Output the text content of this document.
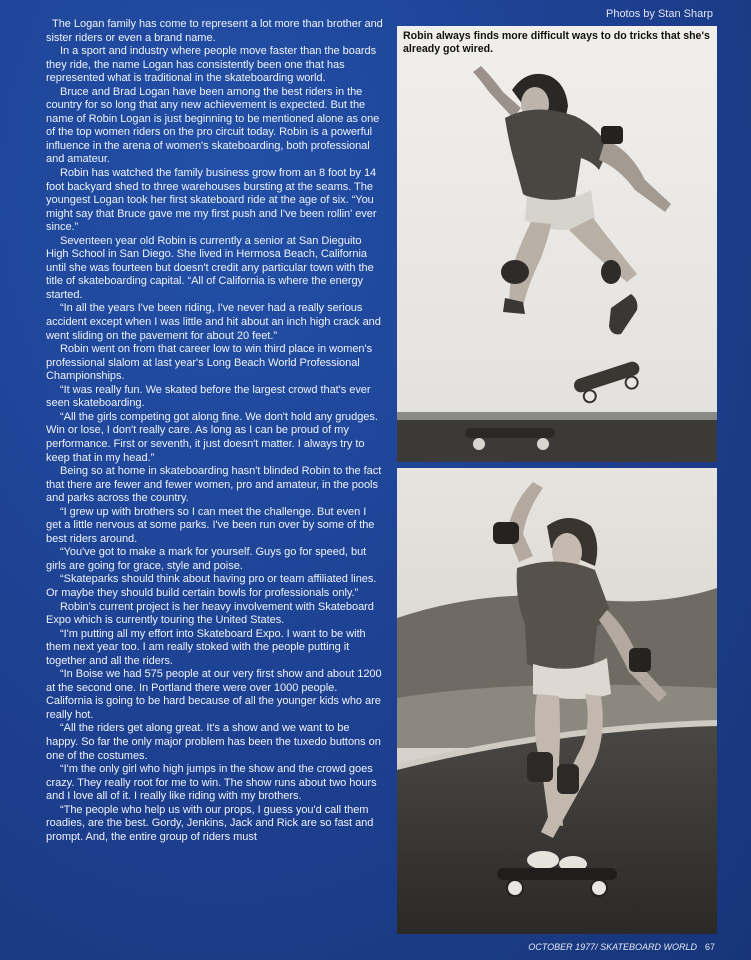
Photos by Stan Sharp

The Logan family has come to represent a lot more than brother and sister riders or even a brand name.

In a sport and industry where people move faster than the boards they ride, the name Logan has consistently been one that has represented what is traditional in the skateboarding world.

Bruce and Brad Logan have been among the best riders in the country for so long that any new achievement is expected. But the name of Robin Logan is just beginning to be mentioned alone as one of the top women riders on the pro circuit today. Robin is a powerful influence in the arena of women's skateboarding, both professional and amateur.

Robin has watched the family business grow from an 8 foot by 14 foot backyard shed to three warehouses bursting at the seams. The youngest Logan took her first skateboard ride at the age of six. “You might say that Bruce gave me my first push and I've been rollin' ever since.”

Seventeen year old Robin is currently a senior at San Dieguito High School in San Diego. She lived in Hermosa Beach, California until she was fourteen but doesn't credit any particular town with the title of skateboarding capital. “All of California is where the energy started.

“In all the years I've been riding, I've never had a really serious accident except when I was little and hit about an inch high crack and went sliding on the pavement for about 20 feet.”

Robin went on from that career low to win third place in women's professional slalom at last year's Long Beach World Professional Championships.

“It was really fun. We skated before the largest crowd that's ever seen skateboarding.

“All the girls competing got along fine. We don't hold any grudges. Win or lose, I don't really care. As long as I can be proud of my performance. First or seventh, it just doesn't matter. I always try to keep that in my head.”

Being so at home in skateboarding hasn't blinded Robin to the fact that there are fewer and fewer women, pro and amateur, in the pools and parks across the country.

“I grew up with brothers so I can meet the challenge. But even I get a little nervous at some parks. I've been run over by some of the best riders around.

“You've got to make a mark for yourself. Guys go for speed, but girls are going for grace, style and poise.

“Skateparks should think about having pro or team affiliated lines. Or maybe they should build certain bowls for professionals only.”

Robin's current project is her heavy involvement with Skateboard Expo which is currently touring the United States.

“I'm putting all my effort into Skateboard Expo. I want to be with them next year too. I am really stoked with the people putting it together and all the riders.

“In Boise we had 575 people at our very first show and about 1200 at the second one. In Portland there were over 1000 people. California is going to be hard because of all the younger kids who are really hot.

“All the riders get along great. It's a show and we want to be happy. So far the only major problem has been the tuxedo buttons on one of the costumes.

“I'm the only girl who high jumps in the show and the crowd goes crazy. They really root for me to win. The show runs about two hours and I love all of it. I really like riding with my brothers.

“The people who help us with our props, I guess you'd call them roadies, are the best. Gordy, Jenkins, Jack and Rick are so fast and prompt. And, the entire group of riders must

Robin always finds more difficult ways to do tricks that she's already got wired.
OCTOBER 1977/ SKATEBOARD WORLD 67
